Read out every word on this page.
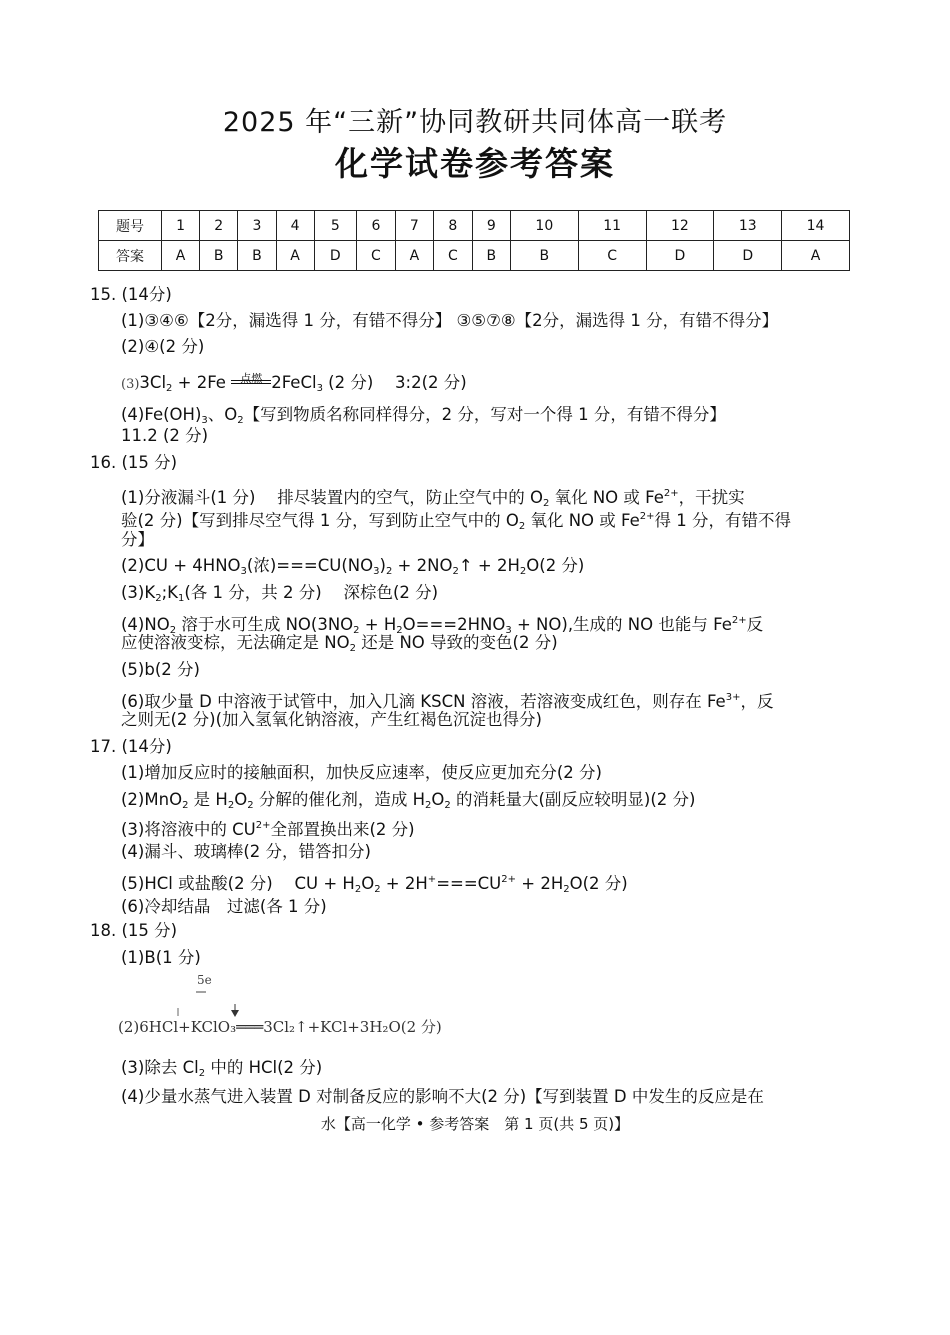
2025 年“三新”协同教研共同体高一联考
化学试卷参考答案
题号	1	2	3	4	5	6	7	8	9	10	11	12	13	14
答案	A	B	B	A	D	C	A	C	B	B	C	D	D	A
15. (14分)
(1)③④⑥【2分，漏选得 1 分，有错不得分】 ③⑤⑦⑧【2分，漏选得 1 分，有错不得分】
(2)④(2 分)
$(3)3Cl_2 + 2Fe$ 点燃 2FeCl$_3$ (2 分)　 3:2(2 分)
$(4)Fe(OH)_3$、$O_2$【写到物质名称同样得分，2 分，写对一个得 1 分，有错不得分】
11.2 (2 分)
16. (15 分)
(1)分液漏斗(1 分)　 排尽装置内的空气，防止空气中的 $O_2$ 氧化 NO 或 $Fe^{2+}$，干扰实
验(2 分)【写到排尽空气得 1 分，写到防止空气中的 $O_2$ 氧化 NO 或 $Fe^{2+}$得 1 分，有错不得
分】
$(2)CU + 4HNO_3$(浓)$===CU(NO_3)_2$ + $2NO_2↑ + 2H_2O(2$ 分)
$(3)K_2;K_1$(各 1 分，共 2 分)　 深棕色(2 分)
$(4)NO_2$ 溶于水可生成 $NO(3NO_2 + H_2O===2HNO_3 + NO)$,生成的 NO 也能与 $Fe^{2+}$反
应使溶液变棕，无法确定是 $NO_2$ 还是 NO 导致的变色(2 分)
(5)b(2 分)
(6)取少量 D 中溶液于试管中，加入几滴 KSCN 溶液，若溶液变成红色，则存在 $Fe^{3+}$，反
之则无(2 分)(加入氢氧化钠溶液，产生红褐色沉淀也得分)
17. (14分)
(1)增加反应时的接触面积，加快反应速率，使反应更加充分(2 分)
(2)MnO$_2$ 是 $H_2O_2$ 分解的催化剂，造成 $H_2O_2$ 的消耗量大(副反应较明显)(2 分)
(3)将溶液中的 $CU^{2+}$全部置换出来(2 分)
(4)漏斗、玻璃棒(2 分，错答扣分)
(5)HCl 或盐酸(2 分)　 CU + $H_2O_2 + 2H^+===CU^{2+} + 2H_2O(2$ 分)
(6)冷却结晶　过滤(各 1 分)
18. (15 分)
(1)B(1 分)
5e
(2)6HCl+KClO₃═══3Cl₂↑+KCl+3H₂O(2 分)
(3)除去 $Cl_2$ 中的 HCl(2 分)
(4)少量水蒸气进入装置 D 对制备反应的影响不大(2 分)【写到装置 D 中发生的反应是在
水【高一化学 • 参考答案　第 1 页(共 5 页)】
